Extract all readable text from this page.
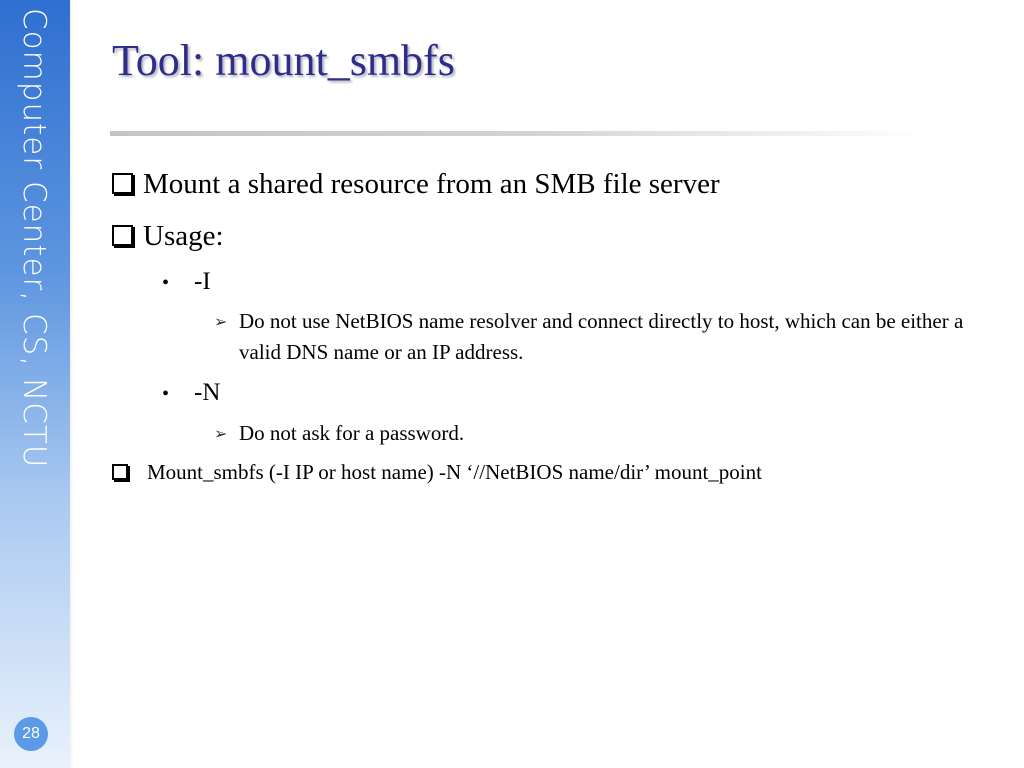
Computer Center, CS, NCTU
28
Tool: mount_smbfs
Mount a shared resource from an SMB file server
Usage:
• -I
➢ Do not use NetBIOS name resolver and connect directly to host, which can be either a valid DNS name or an IP address.
• -N
➢ Do not ask for a password.
Mount_smbfs (-I IP or host name) -N ‘//NetBIOS name/dir’ mount_point
